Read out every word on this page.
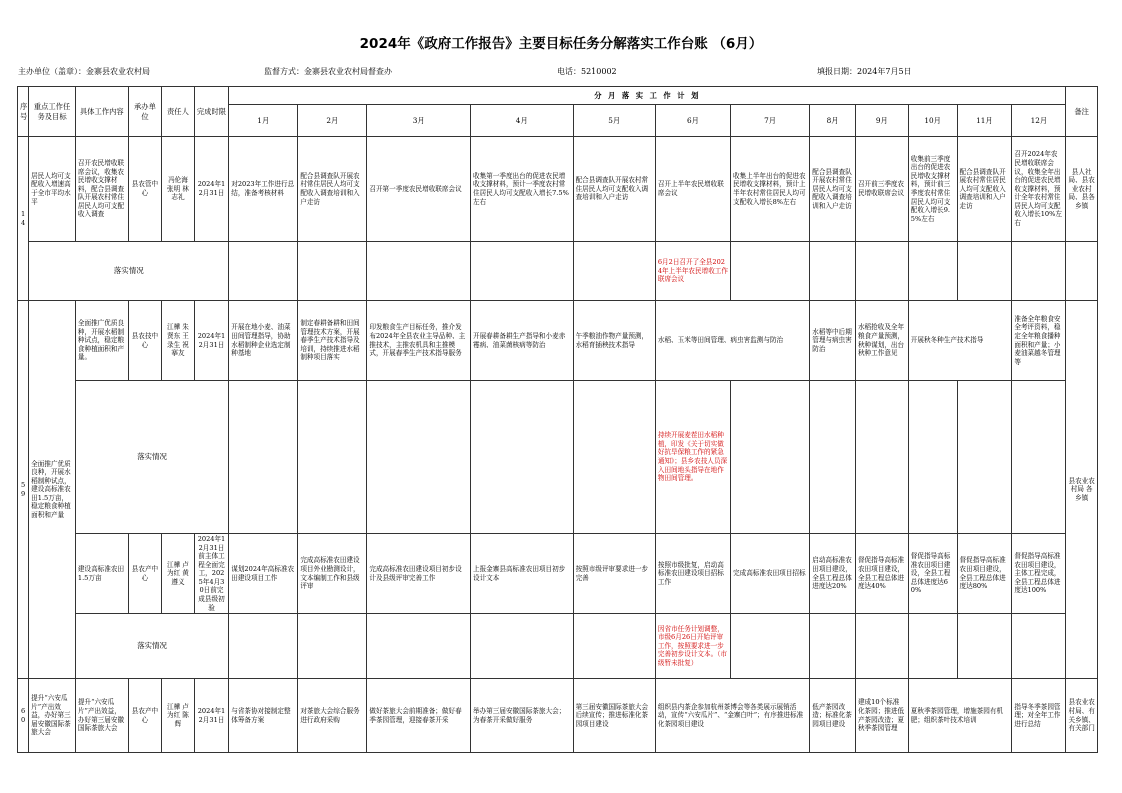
2024年《政府工作报告》主要目标任务分解落实工作台账 （6月）
主办单位（盖章）：金寨县农业农村局	监督方式：金寨县农业农村局督查办	电话：5210002	填报日期：2024年7月5日
序号	重点工作任务及目标	具体工作内容	承办单位	责任人	完成时限	分 月 落 实 工 作 计 划												备注
						1月	2月	3月	4月	5月	6月	7月	8月	9月	10月	11月	12月	
14	居民人均可支配收入增速高于全市平均水平	召开农民增收联席会议，收集农民增收支撑材料，配合县调查队开展农村常住居民人均可支配收入调查	县农管中心	冯伦海 张明 林志礼	2024年12月31日	对2023年工作进行总结，准备考核材料	配合县调查队开展农村常住居民人均可支配收入调查培训和入户走访	召开第一季度农民增收联席会议	收集第一季度出台的促进农民增收支撑材料，预计一季度农村常住居民人均可支配收入增长7.5%左右	配合县调查队开展农村常住居民人均可支配收入调查培训和入户走访	召开上半年农民增收联席会议	收集上半年出台的促进农民增收支撑材料，预计上半年农村常住居民人均可支配收入增长8%左右	配合县调查队开展农村常住居民人均可支配收入调查培训和入户走访	召开前三季度农民增收联席会议	收集前三季度出台的促进农民增收支撑材料，预计前三季度农村常住居民人均可支配收入增长9.5%左右	配合县调查队开展农村常住居民人均可支配收入调查培训和入户走访	召开2024年农民增收联席会议，收集全年出台的促进农民增收支撑材料，预计全年农村常住居民人均可支配收入增长10%左右	县人社局、县农业农村局、县各乡镇
	落实情况										6月2日召开了全县2024年上半年农民增收工作联席会议							
59	全面推广优质良种，开展水稻制种试点，建设高标准农田1.5万亩，稳定粮食种植面积和产量	全面推广优质良种，开展水稻制种试点，稳定粮食种植面积和产量。	县农技中心	江樺 朱贤东 王录生 祝搴友	2024年12月31日	开展在地小麦、油菜田间管理指导，协助水稻制种企业选定制种基地	制定春耕备耕和田间管理技术方案，开展春季生产技术指导及培训，持续推进水稻制种项目落实	印发粮食生产目标任务，推介发布2024年全县农业主导品种、主推技术，主推农机具和主推模式，开展春季生产技术指导服务	开展春耕备耕生产指导和小麦赤霉病、油菜菌核病等防治	午季粮油作物产量预测，水稻育插秧技术指导	水稻、玉米等田间管理、病虫害监测与防治		水稻等中后期管理与病虫害防治	水稻抢收及全年粮食产量预测，秋种谋划，出台秋种工作意见	开展秋冬种生产技术指导		准备全年粮食安全考评资料，稳定全年粮食播种面积和产量；小麦油菜越冬管理等	县农业农村局 各乡镇
		落实情况									持续开展麦茬田水稻种植，印发《关于切实做好抗旱保粮工作的紧急通知》；县乡农技人员深入田间地头指导在地作物田间管理。							
		建设高标准农田1.5万亩	县农产中心	江樺 卢为红 黄遵义	2024年12月31日前主体工程全面完工，2025年4月30日前完成县级初验	谋划2024年高标准农田建设项目工作	完成高标准农田建设项目外业勘测设计，文本编制工作和县级评审	完成高标准农田建设项目初步设计及县级评审完善工作	上报金寨县高标准农田项目初步设计文本	按照市级评审要求进一步完善	按照市级批复，启动高标准农田建设项目招标工作	完成高标准农田项目招标	启动高标准农田项目建设，全县工程总体进度达20%	督促指导高标准农田项目建设，全县工程总体进度达40%	督促指导高标准农田项目建设，全县工程总体进度达60%	督促指导高标准农田项目建设，全县工程总体进度达80%	督促指导高标准农田项目建设，主体工程完成，全县工程总体进度达100%	
		落实情况									因省市任务计划调整，市级6月26日开始评审工作，按照要求进一步完善初步设计文本。（市级暂未批复）							
60	提升“六安瓜片”产出效益，办好第三届安徽国际茶旅大会	提升“六安瓜片”产出效益，办好第三届安徽国际茶旅大会	县农产中心	江樺 卢为红 陈辉	2024年12月31日	与省茶协对接制定整体筹备方案	对茶旅大会综合服务进行政府采购	做好茶旅大会前期准备；做好春季茶园管理，迎接春茶开采	举办第三届安徽国际茶旅大会；为春茶开采做好服务	第三届安徽国际茶旅大会后续宣传；推进标准化茶园项目建设	组织县内茶企参加杭州茶博会等各类展示展销活动，宣传“六安瓜片”、“金寨白叶”；有序推进标准化茶园项目建设		低产茶园改造；标准化茶园项目建设	建成10个标准化茶园；推进低产茶园改造；夏秋季茶园管理	夏秋季茶园管理，增施茶园有机肥；组织茶叶技术培训		指导冬季茶园管理；对全年工作进行总结	县农业农村局、有关乡镇、有关部门
